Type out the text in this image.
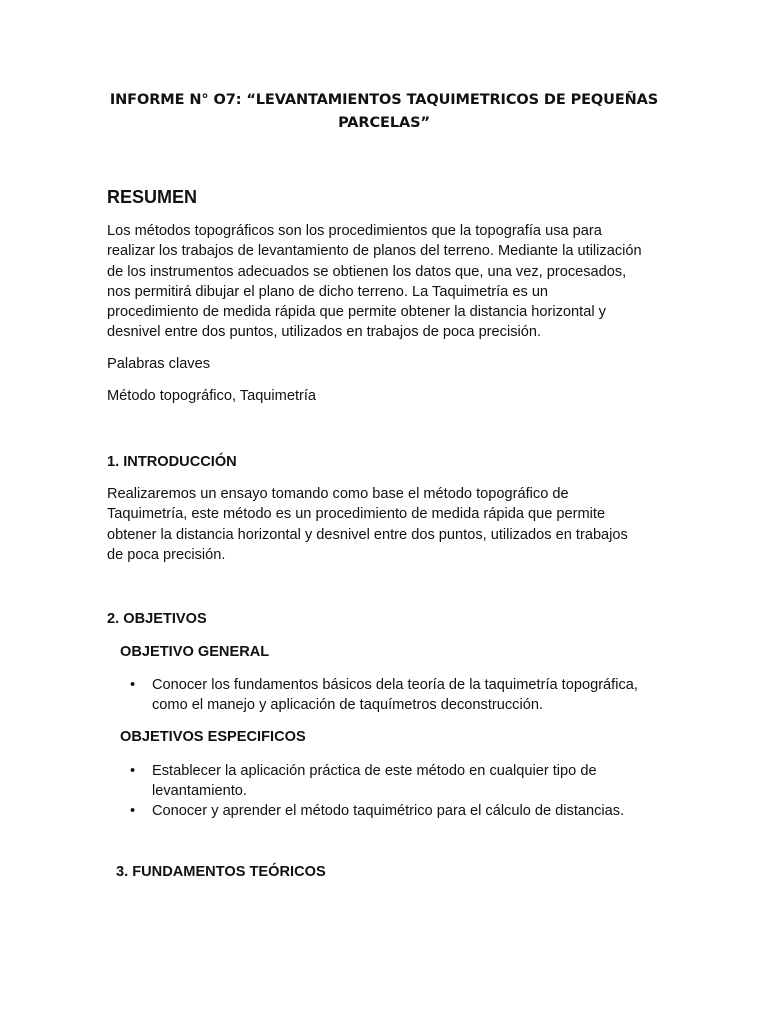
INFORME N° O7: “LEVANTAMIENTOS TAQUIMETRICOS DE PEQUEÑAS
PARCELAS”
RESUMEN
Los métodos topográficos son los procedimientos que la topografía usa para
realizar los trabajos de levantamiento de planos del terreno. Mediante la utilización
de los instrumentos adecuados se obtienen los datos que, una vez, procesados,
nos permitirá dibujar el plano de dicho terreno. La Taquimetría es un
procedimiento de medida rápida que permite obtener la distancia horizontal y
desnivel entre dos puntos, utilizados en trabajos de poca precisión.
Palabras claves
Método topográfico, Taquimetría
1. INTRODUCCIÓN
Realizaremos un ensayo tomando como base el método topográfico de
Taquimetría, este método es un procedimiento de medida rápida que permite
obtener la distancia horizontal y desnivel entre dos puntos, utilizados en trabajos
de poca precisión.
2. OBJETIVOS
OBJETIVO GENERAL
• Conocer los fundamentos básicos dela teoría de la taquimetría topográfica,
como el manejo y aplicación de taquímetros deconstrucción.
OBJETIVOS ESPECIFICOS
• Establecer la aplicación práctica de este método en cualquier tipo de
levantamiento.
• Conocer y aprender el método taquimétrico para el cálculo de distancias.
3. FUNDAMENTOS TEÓRICOS
